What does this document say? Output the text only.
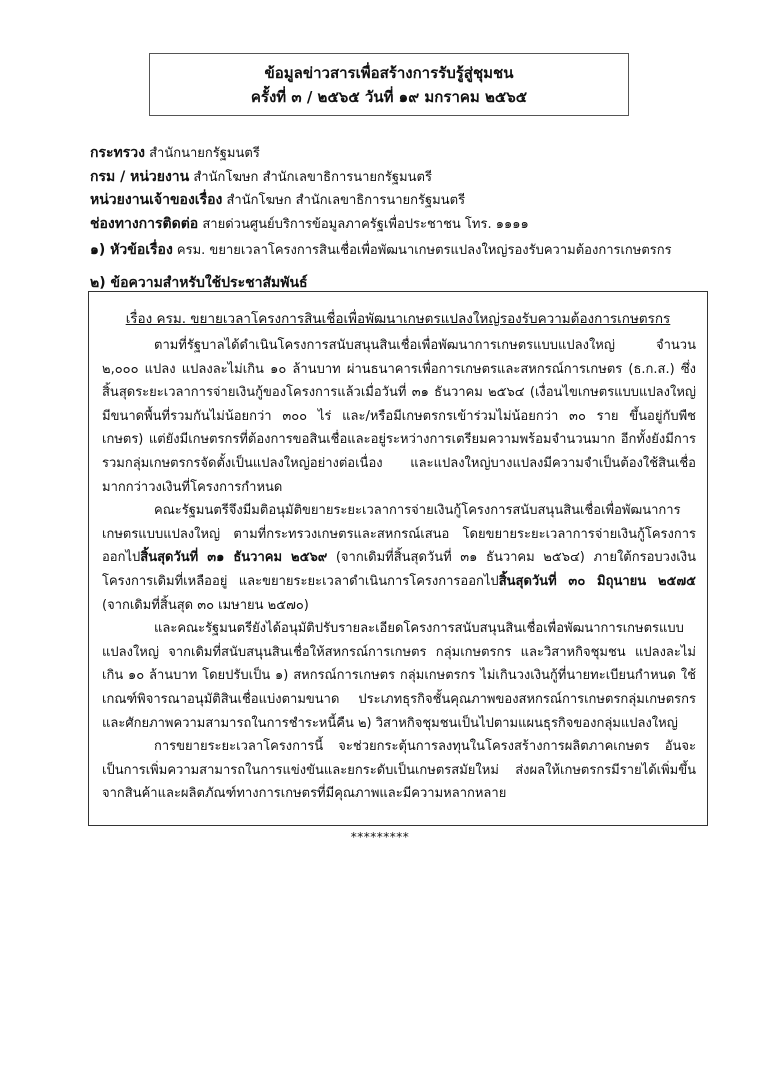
ข้อมูลข่าวสารเพื่อสร้างการรับรู้สู่ชุมชน
ครั้งที่ ๓ / ๒๕๖๕ วันที่ ๑๙ มกราคม ๒๕๖๕
กระทรวง สำนักนายกรัฐมนตรี
กรม / หน่วยงาน สำนักโฆษก สำนักเลขาธิการนายกรัฐมนตรี
หน่วยงานเจ้าของเรื่อง สำนักโฆษก สำนักเลขาธิการนายกรัฐมนตรี
ช่องทางการติดต่อ สายด่วนศูนย์บริการข้อมูลภาครัฐเพื่อประชาชน โทร. ๑๑๑๑
๑) หัวข้อเรื่อง ครม. ขยายเวลาโครงการสินเชื่อเพื่อพัฒนาเกษตรแปลงใหญ่รองรับความต้องการเกษตรกร
๒) ข้อความสำหรับใช้ประชาสัมพันธ์
เรื่อง ครม. ขยายเวลาโครงการสินเชื่อเพื่อพัฒนาเกษตรแปลงใหญ่รองรับความต้องการเกษตรกร

ตามที่รัฐบาลได้ดำเนินโครงการสนับสนุนสินเชื่อเพื่อพัฒนาการเกษตรแบบแปลงใหญ่ จำนวน ๒,๐๐๐ แปลง แปลงละไม่เกิน ๑๐ ล้านบาท ผ่านธนาคารเพื่อการเกษตรและสหกรณ์การเกษตร (ธ.ก.ส.) ซึ่งสิ้นสุดระยะเวลาการจ่ายเงินกู้ของโครงการแล้วเมื่อวันที่ ๓๑ ธันวาคม ๒๕๖๔ (เงื่อนไขเกษตรแบบแปลงใหญ่ มีขนาดพื้นที่รวมกันไม่น้อยกว่า ๓๐๐ ไร่ และ/หรือมีเกษตรกรเข้าร่วมไม่น้อยกว่า ๓๐ ราย ขึ้นอยู่กับพืชเกษตร) แต่ยังมีเกษตรกรที่ต้องการขอสินเชื่อและอยู่ระหว่างการเตรียมความพร้อมจำนวนมาก อีกทั้งยังมีการรวมกลุ่มเกษตรกรจัดตั้งเป็นแปลงใหญ่อย่างต่อเนื่อง และแปลงใหญ่บางแปลงมีความจำเป็นต้องใช้สินเชื่อมากกว่าวงเงินที่โครงการกำหนด

คณะรัฐมนตรีจึงมีมติอนุมัติขยายระยะเวลาการจ่ายเงินกู้โครงการสนับสนุนสินเชื่อเพื่อพัฒนาการเกษตรแบบแปลงใหญ่ ตามที่กระทรวงเกษตรและสหกรณ์เสนอ โดยขยายระยะเวลาการจ่ายเงินกู้โครงการออกไปสิ้นสุดวันที่ ๓๑ ธันวาคม ๒๕๖๙ (จากเดิมที่สิ้นสุดวันที่ ๓๑ ธันวาคม ๒๕๖๔) ภายใต้กรอบวงเงินโครงการเดิมที่เหลืออยู่ และขยายระยะเวลาดำเนินการโครงการออกไปสิ้นสุดวันที่ ๓๐ มิถุนายน ๒๕๗๕ (จากเดิมที่สิ้นสุด ๓๐ เมษายน ๒๕๗๐)

และคณะรัฐมนตรียังได้อนุมัติปรับรายละเอียดโครงการสนับสนุนสินเชื่อเพื่อพัฒนาการเกษตรแบบแปลงใหญ่ จากเดิมที่สนับสนุนสินเชื่อให้สหกรณ์การเกษตร กลุ่มเกษตรกร และวิสาหกิจชุมชน แปลงละไม่เกิน ๑๐ ล้านบาท โดยปรับเป็น ๑) สหกรณ์การเกษตร กลุ่มเกษตรกร ไม่เกินวงเงินกู้ที่นายทะเบียนกำหนด ใช้เกณฑ์พิจารณาอนุมัติสินเชื่อแบ่งตามขนาด ประเภทธุรกิจชั้นคุณภาพของสหกรณ์การเกษตรกลุ่มเกษตรกร และศักยภาพความสามารถในการชำระหนี้คืน ๒) วิสาหกิจชุมชนเป็นไปตามแผนธุรกิจของกลุ่มแปลงใหญ่

การขยายระยะเวลาโครงการนี้ จะช่วยกระตุ้นการลงทุนในโครงสร้างการผลิตภาคเกษตร อันจะเป็นการเพิ่มความสามารถในการแข่งขันและยกระดับเป็นเกษตรสมัยใหม่ ส่งผลให้เกษตรกรมีรายได้เพิ่มขึ้นจากสินค้าและผลิตภัณฑ์ทางการเกษตรที่มีคุณภาพและมีความหลากหลาย

*********
